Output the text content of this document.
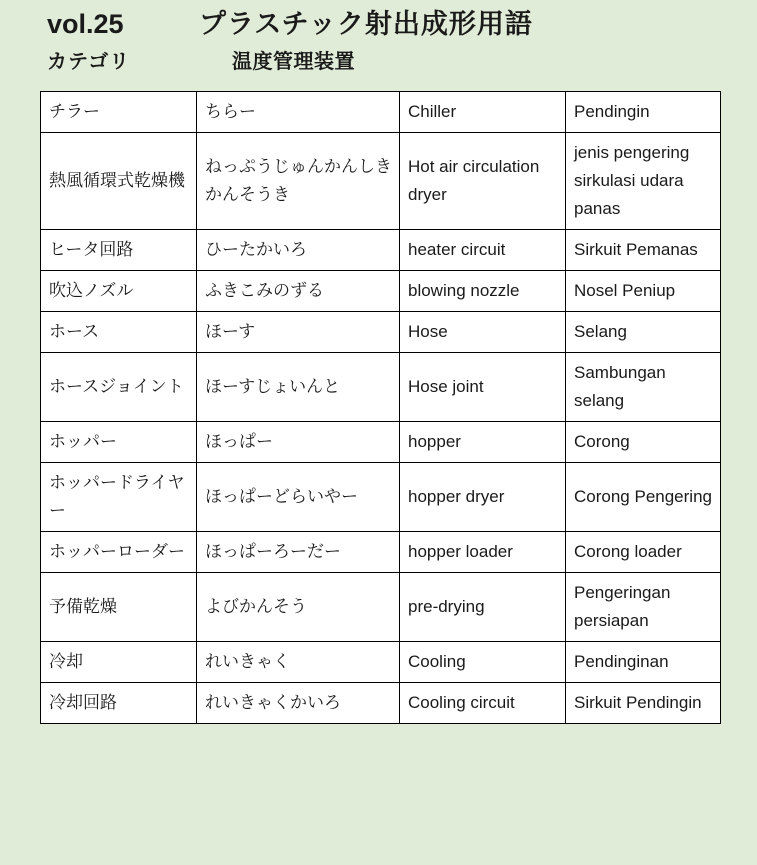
vol.25	プラスチック射出成形用語
カテゴリ	温度管理装置
チラー	ちらー	Chiller	Pendingin
熱風循環式乾燥機	ねっぷうじゅんかんしきかんそうき	Hot air circulation dryer	jenis pengering sirkulasi udara panas
ヒータ回路	ひーたかいろ	heater circuit	Sirkuit Pemanas
吹込ノズル	ふきこみのずる	blowing nozzle	Nosel Peniup
ホース	ほーす	Hose	Selang
ホースジョイント	ほーすじょいんと	Hose joint	Sambungan selang
ホッパー	ほっぱー	hopper	Corong
ホッパードライヤー	ほっぱーどらいやー	hopper dryer	Corong Pengering
ホッパーローダー	ほっぱーろーだー	hopper loader	Corong loader
予備乾燥	よびかんそう	pre-drying	Pengeringan persiapan
冷却	れいきゃく	Cooling	Pendinginan
冷却回路	れいきゃくかいろ	Cooling circuit	Sirkuit Pendingin
